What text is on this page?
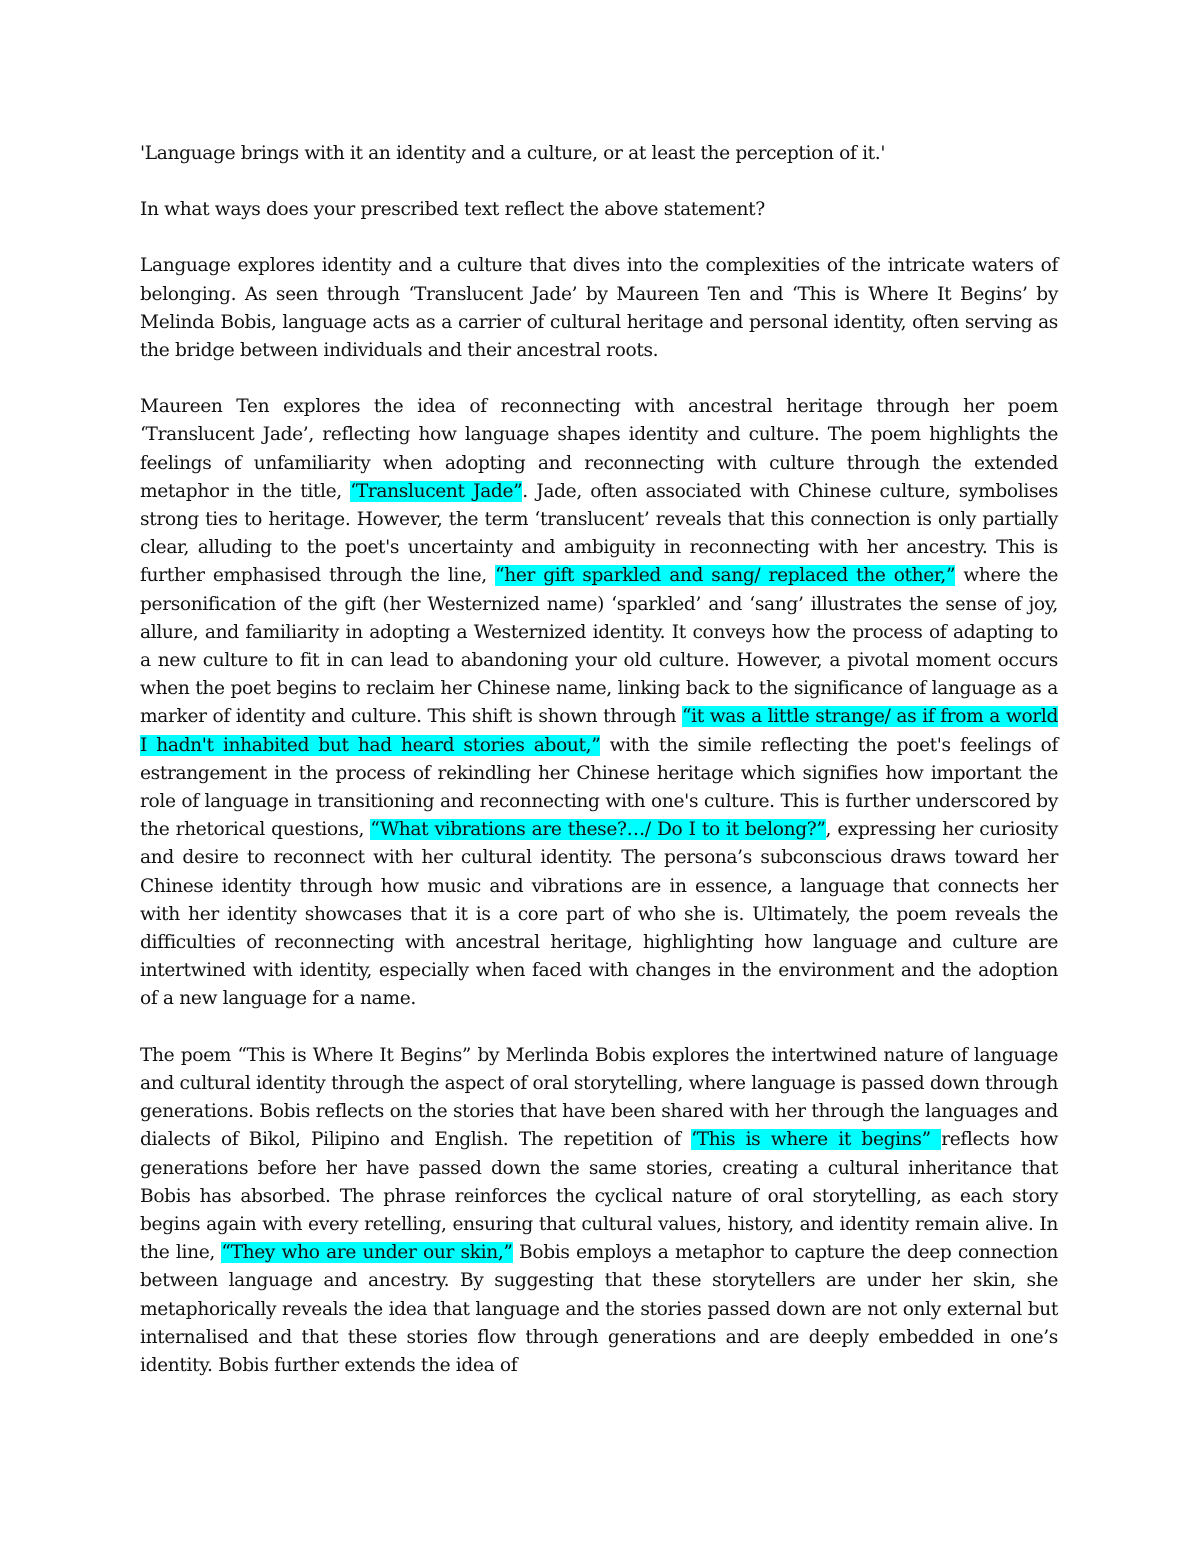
'Language brings with it an identity and a culture, or at least the perception of it.'

In what ways does your prescribed text reflect the above statement?

Language explores identity and a culture that dives into the complexities of the intricate waters of belonging. As seen through ‘Translucent Jade’ by Maureen Ten and ‘This is Where It Begins’ by Melinda Bobis, language acts as a carrier of cultural heritage and personal identity, often serving as the bridge between individuals and their ancestral roots.

Maureen Ten explores the idea of reconnecting with ancestral heritage through her poem ‘Translucent Jade’, reflecting how language shapes identity and culture. The poem highlights the feelings of unfamiliarity when adopting and reconnecting with culture through the extended metaphor in the title, ‘Translucent Jade”. Jade, often associated with Chinese culture, symbolises strong ties to heritage. However, the term ‘translucent’ reveals that this connection is only partially clear, alluding to the poet's uncertainty and ambiguity in reconnecting with her ancestry. This is further emphasised through the line, “her gift sparkled and sang/ replaced the other,” where the personification of the gift (her Westernized name) ‘sparkled’ and ‘sang’ illustrates the sense of joy, allure, and familiarity in adopting a Westernized identity. It conveys how the process of adapting to a new culture to fit in can lead to abandoning your old culture. However, a pivotal moment occurs when the poet begins to reclaim her Chinese name, linking back to the significance of language as a marker of identity and culture. This shift is shown through “it was a little strange/ as if from a world I hadn't inhabited but had heard stories about,” with the simile reflecting the poet's feelings of estrangement in the process of rekindling her Chinese heritage which signifies how important the role of language in transitioning and reconnecting with one's culture. This is further underscored by the rhetorical questions, “What vibrations are these?…/ Do I to it belong?”, expressing her curiosity and desire to reconnect with her cultural identity. The persona’s subconscious draws toward her Chinese identity through how music and vibrations are in essence, a language that connects her with her identity showcases that it is a core part of who she is. Ultimately, the poem reveals the difficulties of reconnecting with ancestral heritage, highlighting how language and culture are intertwined with identity, especially when faced with changes in the environment and the adoption of a new language for a name.

The poem “This is Where It Begins” by Merlinda Bobis explores the intertwined nature of language and cultural identity through the aspect of oral storytelling, where language is passed down through generations. Bobis reflects on the stories that have been shared with her through the languages and dialects of Bikol, Pilipino and English. The repetition of ‘This is where it begins” reflects how generations before her have passed down the same stories, creating a cultural inheritance that Bobis has absorbed. The phrase reinforces the cyclical nature of oral storytelling, as each story begins again with every retelling, ensuring that cultural values, history, and identity remain alive. In the line, “They who are under our skin,” Bobis employs a metaphor to capture the deep connection between language and ancestry. By suggesting that these storytellers are under her skin, she metaphorically reveals the idea that language and the stories passed down are not only external but internalised and that these stories flow through generations and are deeply embedded in one’s identity. Bobis further extends the idea of
